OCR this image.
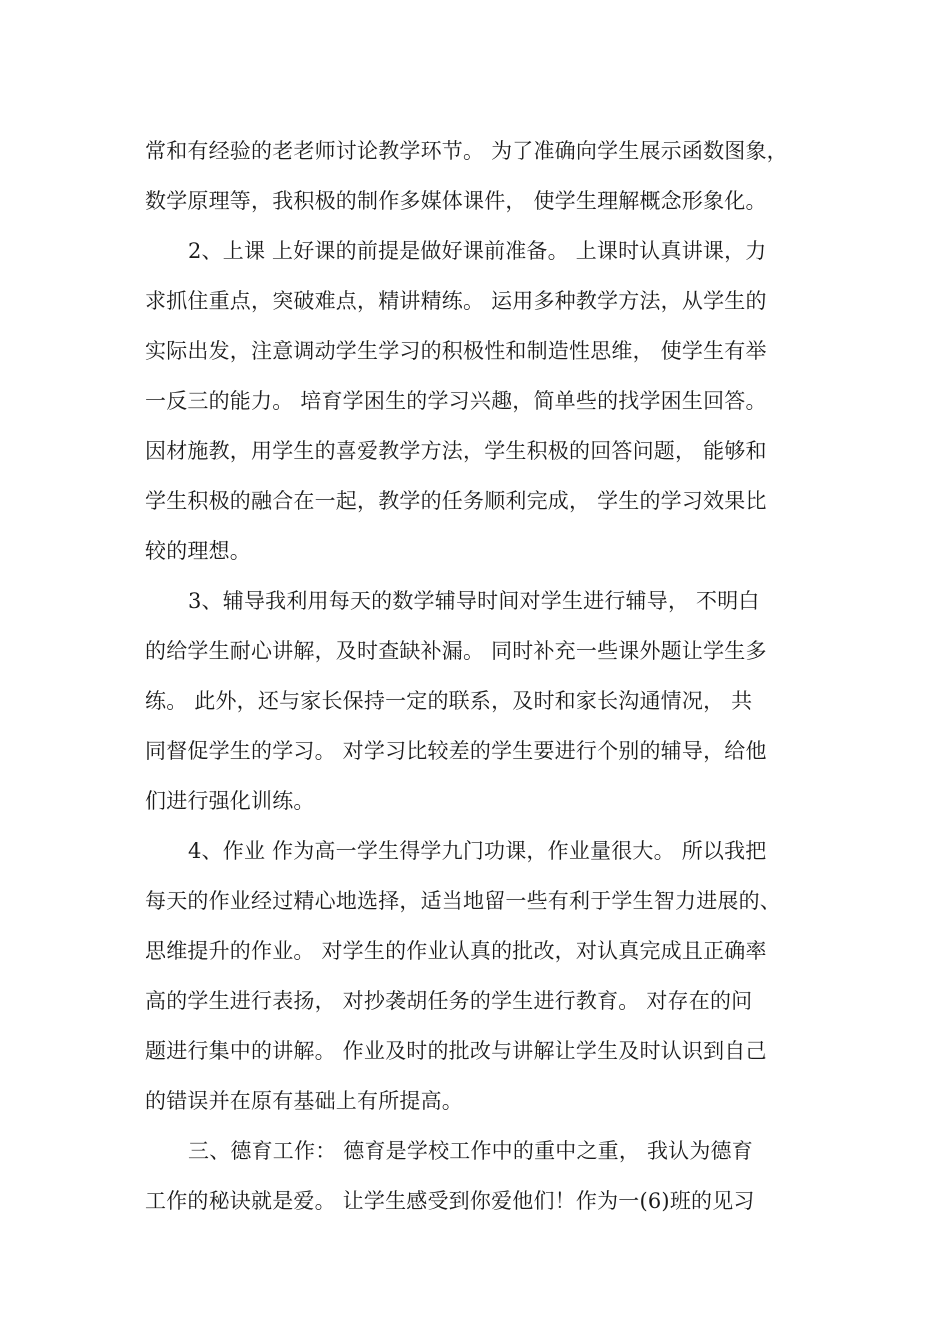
常和有经验的老老师讨论教学环节。 为了准确向学生展示函数图象，
数学原理等，我积极的制作多媒体课件， 使学生理解概念形象化。
2、上课 上好课的前提是做好课前准备。 上课时认真讲课，力
求抓住重点，突破难点，精讲精练。 运用多种教学方法，从学生的
实际出发，注意调动学生学习的积极性和制造性思维， 使学生有举
一反三的能力。 培育学困生的学习兴趣，简单些的找学困生回答。
因材施教，用学生的喜爱教学方法，学生积极的回答问题， 能够和
学生积极的融合在一起，教学的任务顺利完成， 学生的学习效果比
较的理想。
3、辅导我利用每天的数学辅导时间对学生进行辅导， 不明白
的给学生耐心讲解，及时查缺补漏。 同时补充一些课外题让学生多
练。 此外，还与家长保持一定的联系，及时和家长沟通情况， 共
同督促学生的学习。 对学习比较差的学生要进行个别的辅导，给他
们进行强化训练。
4、作业 作为高一学生得学九门功课，作业量很大。 所以我把
每天的作业经过精心地选择，适当地留一些有利于学生智力进展的、
思维提升的作业。 对学生的作业认真的批改，对认真完成且正确率
高的学生进行表扬， 对抄袭胡任务的学生进行教育。 对存在的问
题进行集中的讲解。 作业及时的批改与讲解让学生及时认识到自己
的错误并在原有基础上有所提高。
三、德育工作： 德育是学校工作中的重中之重， 我认为德育
工作的秘诀就是爱。 让学生感受到你爱他们！作为一(6)班的见习
